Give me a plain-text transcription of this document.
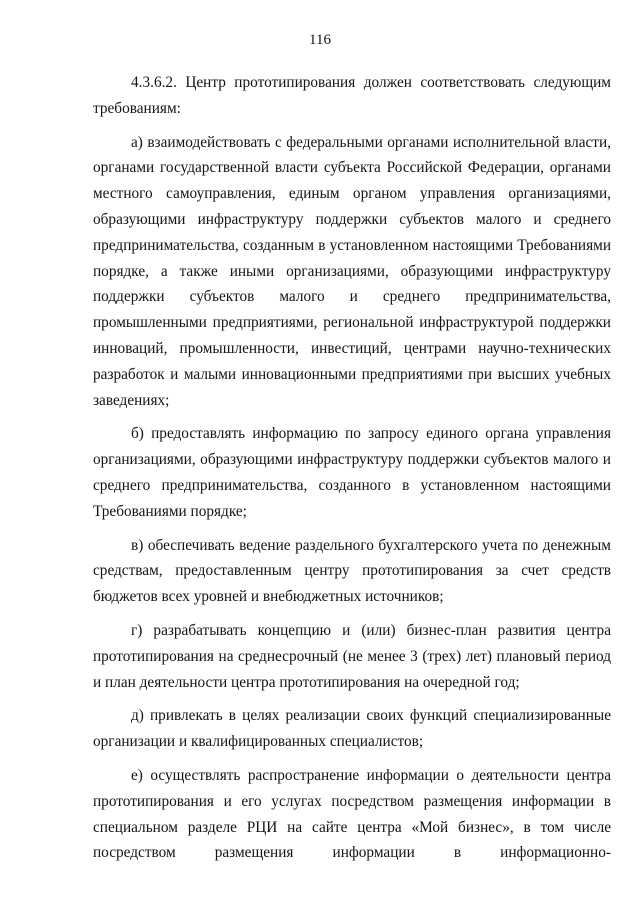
116

4.3.6.2. Центр прототипирования должен соответствовать следующим требованиям:

а) взаимодействовать с федеральными органами исполнительной власти, органами государственной власти субъекта Российской Федерации, органами местного самоуправления, единым органом управления организациями, образующими инфраструктуру поддержки субъектов малого и среднего предпринимательства, созданным в установленном настоящими Требованиями порядке, а также иными организациями, образующими инфраструктуру поддержки субъектов малого и среднего предпринимательства, промышленными предприятиями, региональной инфраструктурой поддержки инноваций, промышленности, инвестиций, центрами научно-технических разработок и малыми инновационными предприятиями при высших учебных заведениях;

б) предоставлять информацию по запросу единого органа управления организациями, образующими инфраструктуру поддержки субъектов малого и среднего предпринимательства, созданного в установленном настоящими Требованиями порядке;

в) обеспечивать ведение раздельного бухгалтерского учета по денежным средствам, предоставленным центру прототипирования за счет средств бюджетов всех уровней и внебюджетных источников;

г) разрабатывать концепцию и (или) бизнес-план развития центра прототипирования на среднесрочный (не менее 3 (трех) лет) плановый период и план деятельности центра прототипирования на очередной год;

д) привлекать в целях реализации своих функций специализированные организации и квалифицированных специалистов;

е) осуществлять распространение информации о деятельности центра прототипирования и его услугах посредством размещения информации в специальном разделе РЦИ на сайте центра «Мой бизнес», в том числе посредством размещения информации в информационно-
